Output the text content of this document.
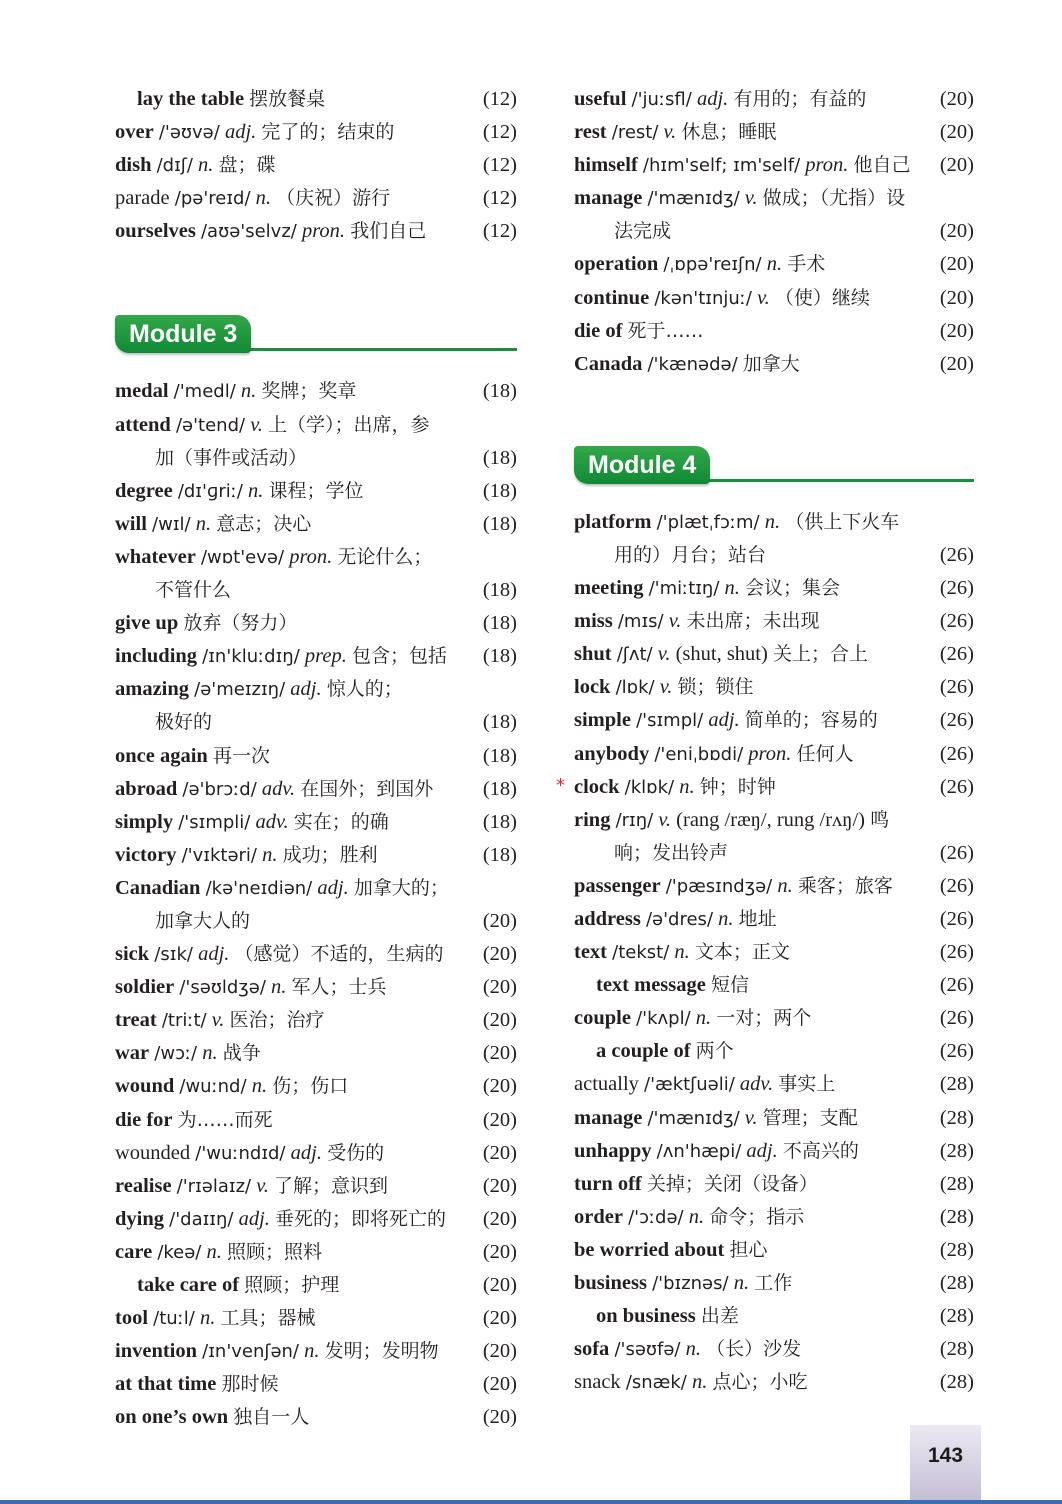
lay the table 摆放餐桌	(12)
over /'əʊvə/ adj. 完了的；结束的	(12)
dish /dɪʃ/ n. 盘；碟	(12)
parade /pə'reɪd/ n. （庆祝）游行	(12)
ourselves /aʊə'selvz/ pron. 我们自己	(12)
Module 3
medal /'medl/ n. 奖牌；奖章	(18)
attend /ə'tend/ v. 上（学）；出席，参
加（事件或活动）	(18)
degree /dɪ'ɡriː/ n. 课程；学位	(18)
will /wɪl/ n. 意志；决心	(18)
whatever /wɒt'evə/ pron. 无论什么；
不管什么	(18)
give up 放弃（努力）	(18)
including /ɪn'kluːdɪŋ/ prep. 包含；包括 (18)
amazing /ə'meɪzɪŋ/ adj. 惊人的；
极好的	(18)
once again 再一次	(18)
abroad /ə'brɔːd/ adv. 在国外；到国外 (18)
simply /'sɪmpli/ adv. 实在；的确	(18)
victory /'vɪktəri/ n. 成功；胜利	(18)
Canadian /kə'neɪdiən/ adj. 加拿大的；
加拿大人的	(20)
sick /sɪk/ adj. （感觉）不适的，生病的 (20)
soldier /'səʊldʒə/ n. 军人；士兵	(20)
treat /triːt/ v. 医治；治疗	(20)
war /wɔː/ n. 战争	(20)
wound /wuːnd/ n. 伤；伤口	(20)
die for 为……而死	(20)
wounded /'wuːndɪd/ adj. 受伤的	(20)
realise /'rɪəlaɪz/ v. 了解；意识到	(20)
dying /'daɪɪŋ/ adj. 垂死的；即将死亡的 (20)
care /keə/ n. 照顾；照料	(20)
take care of 照顾；护理	(20)
tool /tuːl/ n. 工具；器械	(20)
invention /ɪn'venʃən/ n. 发明；发明物 (20)
at that time 那时候	(20)
on one’s own 独自一人	(20)
useful /'juːsfl/ adj. 有用的；有益的	(20)
rest /rest/ v. 休息；睡眠	(20)
himself /hɪm'self; ɪm'self/ pron. 他自己 (20)
manage /'mænɪdʒ/ v. 做成；（尤指）设
法完成	(20)
operation /ˌɒpə'reɪʃn/ n. 手术	(20)
continue /kən'tɪnjuː/ v. （使）继续	(20)
die of 死于……	(20)
Canada /'kænədə/ 加拿大	(20)
Module 4
platform /'plætˌfɔːm/ n. （供上下火车
用的）月台；站台	(26)
meeting /'miːtɪŋ/ n. 会议；集会	(26)
miss /mɪs/ v. 未出席；未出现	(26)
shut /ʃʌt/ v. (shut, shut) 关上；合上	(26)
lock /lɒk/ v. 锁；锁住	(26)
simple /'sɪmpl/ adj. 简单的；容易的	(26)
anybody /'eniˌbɒdi/ pron. 任何人	(26)
* clock /klɒk/ n. 钟；时钟	(26)
ring /rɪŋ/ v. (rang /ræŋ/, rung /rʌŋ/) 鸣
响；发出铃声	(26)
passenger /'pæsɪndʒə/ n. 乘客；旅客 (26)
address /ə'dres/ n. 地址	(26)
text /tekst/ n. 文本；正文	(26)
text message 短信	(26)
couple /'kʌpl/ n. 一对；两个	(26)
a couple of 两个	(26)
actually /'æktʃuəli/ adv. 事实上	(28)
manage /'mænɪdʒ/ v. 管理；支配	(28)
unhappy /ʌn'hæpi/ adj. 不高兴的	(28)
turn off 关掉；关闭（设备）	(28)
order /'ɔːdə/ n. 命令；指示	(28)
be worried about 担心	(28)
business /'bɪznəs/ n. 工作	(28)
on business 出差	(28)
sofa /'səʊfə/ n. （长）沙发	(28)
snack /snæk/ n. 点心；小吃	(28)
143
